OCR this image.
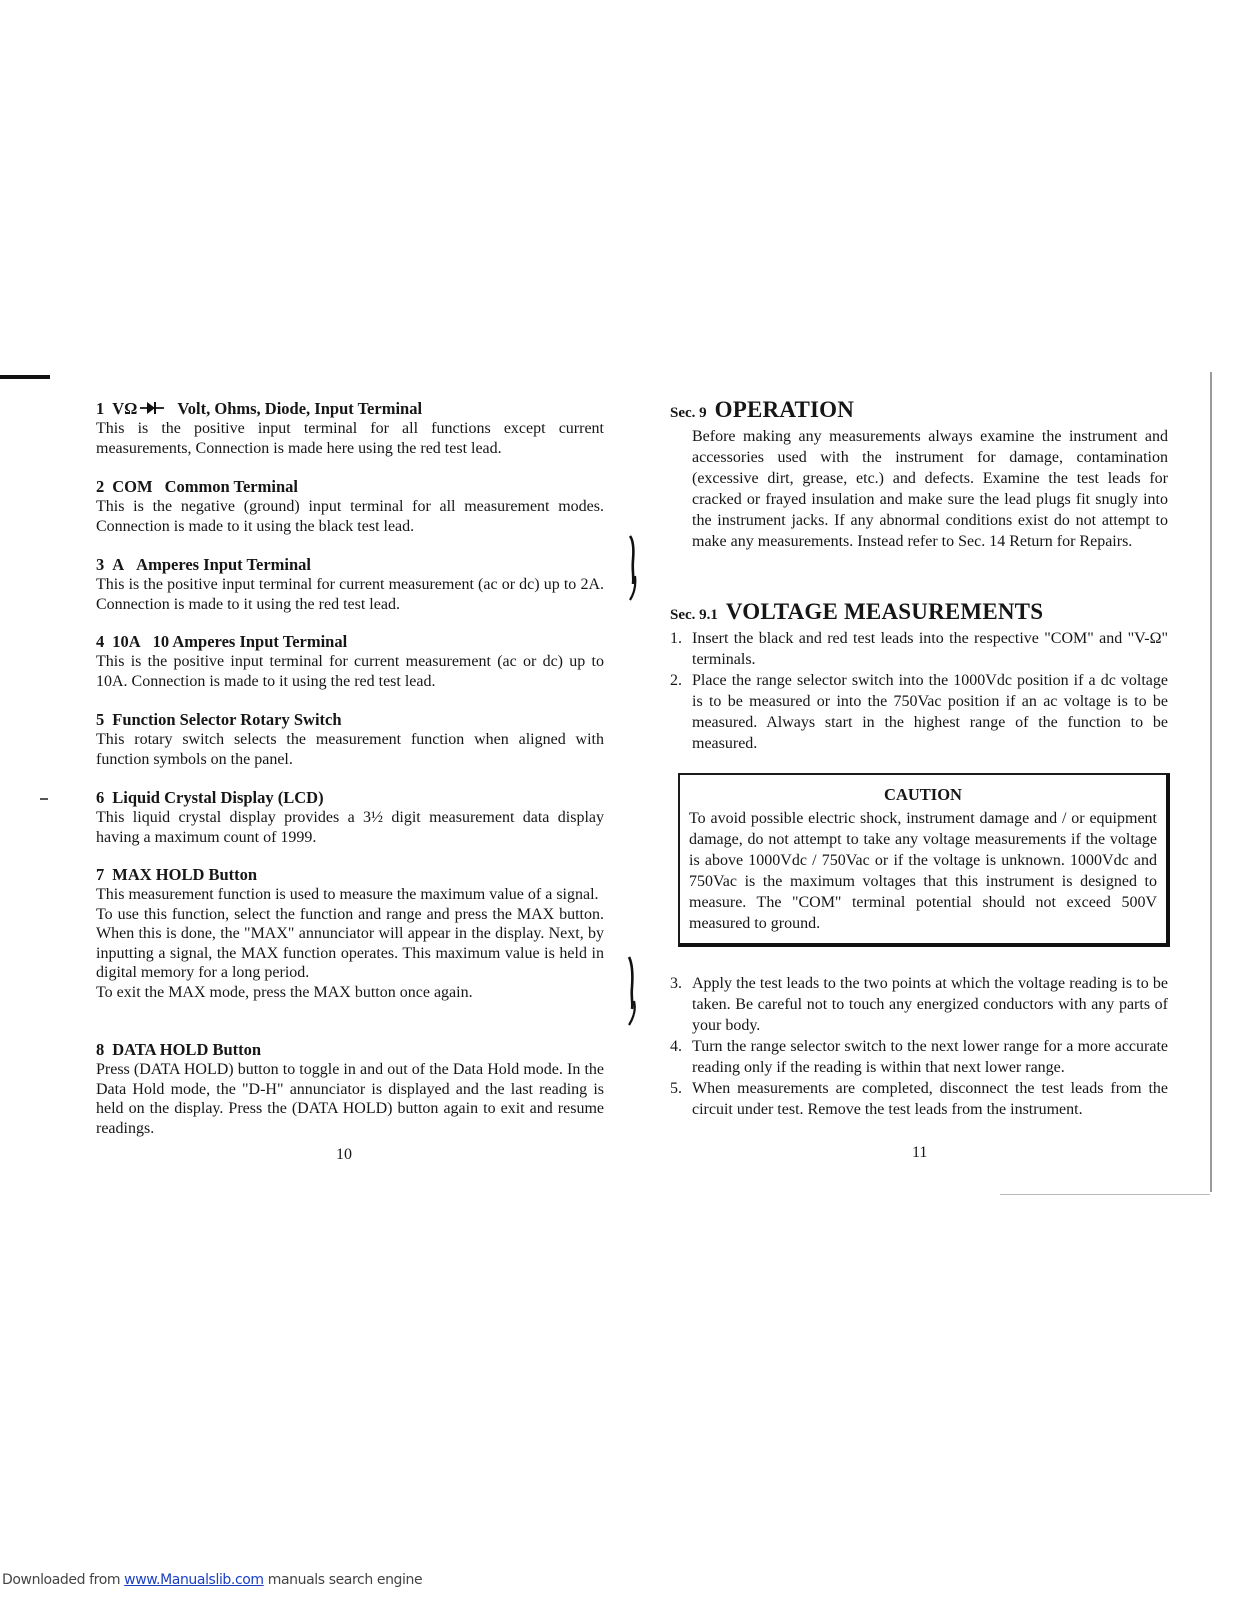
1 VΩ Volt, Ohms, Diode, Input Terminal

This is the positive input terminal for all functions except current measurements, Connection is made here using the red test lead.

2 COM Common Terminal

This is the negative (ground) input terminal for all measurement modes. Connection is made to it using the black test lead.

3 A Amperes Input Terminal

This is the positive input terminal for current measurement (ac or dc) up to 2A. Connection is made to it using the red test lead.

4 10A 10 Amperes Input Terminal

This is the positive input terminal for current measurement (ac or dc) up to 10A. Connection is made to it using the red test lead.

5 Function Selector Rotary Switch

This rotary switch selects the measurement function when aligned with function symbols on the panel.

6 Liquid Crystal Display (LCD)

This liquid crystal display provides a 3½ digit measurement data display having a maximum count of 1999.

7 MAX HOLD Button

This measurement function is used to measure the maximum value of a signal.

To use this function, select the function and range and press the MAX button. When this is done, the "MAX" annunciator will appear in the display. Next, by inputting a signal, the MAX function operates. This maximum value is held in digital memory for a long period.

To exit the MAX mode, press the MAX button once again.

8 DATA HOLD Button

Press (DATA HOLD) button to toggle in and out of the Data Hold mode. In the Data Hold mode, the "D-H" annunciator is displayed and the last reading is held on the display. Press the (DATA HOLD) button again to exit and resume readings.

10
Sec. 9 OPERATION

Before making any measurements always examine the instrument and accessories used with the instrument for damage, contamination (excessive dirt, grease, etc.) and defects. Examine the test leads for cracked or frayed insulation and make sure the lead plugs fit snugly into the instrument jacks. If any abnormal conditions exist do not attempt to make any measurements. Instead refer to Sec. 14 Return for Repairs.

Sec. 9.1 VOLTAGE MEASUREMENTS
1. Insert the black and red test leads into the respective "COM" and "V-Ω" terminals.
2. Place the range selector switch into the 1000Vdc position if a dc voltage is to be measured or into the 750Vac position if an ac voltage is to be measured. Always start in the highest range of the function to be measured.
CAUTION

To avoid possible electric shock, instrument damage and / or equipment damage, do not attempt to take any voltage measurements if the voltage is above 1000Vdc / 750Vac or if the voltage is unknown. 1000Vdc and 750Vac is the maximum voltages that this instrument is designed to measure. The "COM" terminal potential should not exceed 500V measured to ground.

3. Apply the test leads to the two points at which the voltage reading is to be taken. Be careful not to touch any energized conductors with any parts of your body.
4. Turn the range selector switch to the next lower range for a more accurate reading only if the reading is within that next lower range.
5. When measurements are completed, disconnect the test leads from the circuit under test. Remove the test leads from the instrument.
11
Downloaded from www.Manualslib.com manuals search engine
